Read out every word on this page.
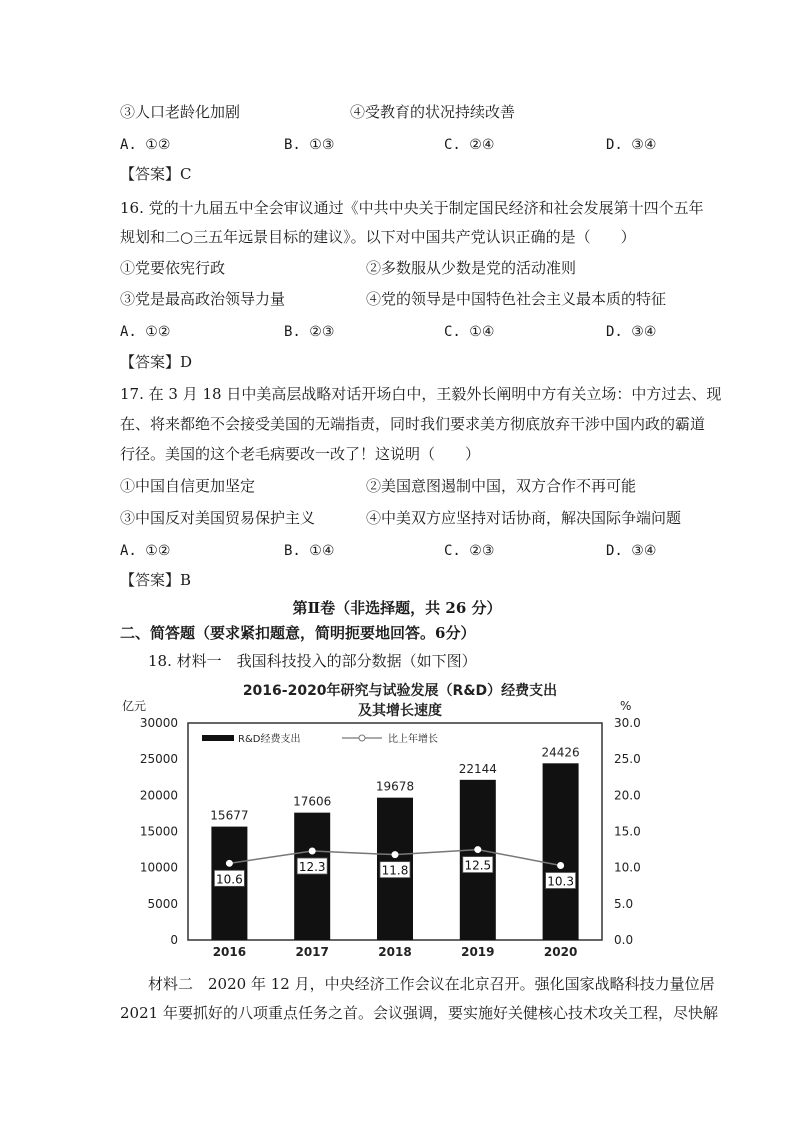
③人口老龄化加剧	④受教育的状况持续改善
A. ①②	B. ①③	C. ②④	D. ③④
【答案】C
16. 党的十九届五中全会审议通过《中共中央关于制定国民经济和社会发展第十四个五年
规划和二○三五年远景目标的建议》。以下对中国共产党认识正确的是（　　）
①党要依宪行政	②多数服从少数是党的活动准则
③党是最高政治领导力量	④党的领导是中国特色社会主义最本质的特征
A. ①②	B. ②③	C. ①④	D. ③④
【答案】D
17. 在 3 月 18 日中美高层战略对话开场白中，王毅外长阐明中方有关立场：中方过去、现
在、将来都绝不会接受美国的无端指责，同时我们要求美方彻底放弃干涉中国内政的霸道
行径。美国的这个老毛病要改一改了！这说明（　　）
①中国自信更加坚定	②美国意图遏制中国，双方合作不再可能
③中国反对美国贸易保护主义	④中美双方应坚持对话协商，解决国际争端问题
A. ①②	B. ①④	C. ②③	D. ③④
【答案】B
第Ⅱ卷（非选择题，共 26 分）
二、简答题（要求紧扣题意，简明扼要地回答。6分）
18. 材料一　我国科技投入的部分数据（如下图）
2016-2020年研究与试验发展（R&D）经费支出
及其增长速度
亿元	%
30000
25000
20000
15000
10000
5000
0
30.0
25.0
20.0
15.0
10.0
5.0
0.0
15677
2016
17606
2017
19678
2018
22144
2019
24426
2020
10.6
12.3	11.8	12.5
10.3
R&D经费支出	比上年增长
材料二　2020 年 12 月，中央经济工作会议在北京召开。强化国家战略科技力量位居
2021 年要抓好的八项重点任务之首。会议强调，要实施好关健核心技术攻关工程，尽快解
